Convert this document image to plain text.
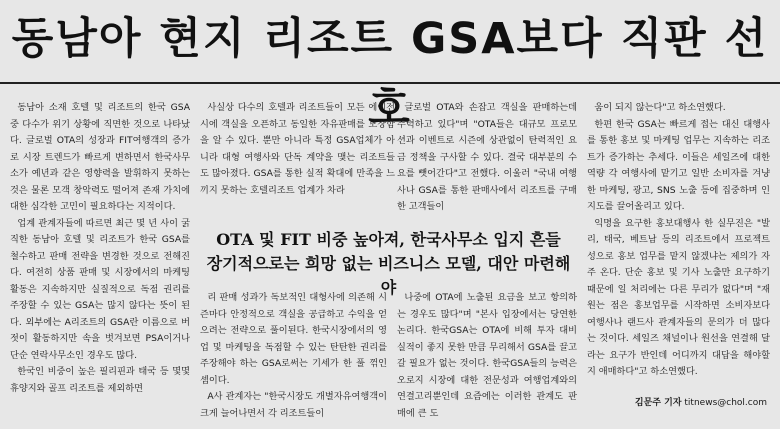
동남아 현지 리조트 GSA보다 직판 선호

동남아 소재 호텔 및 리조트의 한국 GSA 중 다수가 위기 상황에 직면한 것으로 나타났다. 글로벌 OTA의 성장과 FIT여행객의 증가로 시장 트렌드가 빠르게 변하면서 한국사무소가 예년과 같은 영향력을 발휘하지 못하는 것은 물론 모객 창악력도 떨어져 존재 가치에 대한 심각한 고민이 필요하다는 지적이다.

업계 관계자들에 따르면 최근 몇 년 사이 굵직한 동남아 호텔 및 리조트가 한국 GSA를 철수하고 판매 전략을 변경한 것으로 전해진다. 여전히 상품 판매 및 시장에서의 마케팅 활동은 지속하지만 실질적으로 독점 권리를 주장할 수 있는 GSA는 많지 않다는 뜻이 된다. 외부에는 A리조트의 GSA란 이름으로 버젓이 활동하지만 속을 벗겨보면 PSA이거나 단순 연락사무소인 경우도 많다.

한국인 비중이 높은 필리핀과 태국 등 몇몇 휴양지와 골프 리조트를 제외하면

사실상 다수의 호텔과 리조트들이 모든 에이전시에 객실을 오픈하고 동일한 자유판매를 보장함을 알 수 있다. 뿐만 아니라 특정 GSA업체가 아니라 대형 여행사와 단독 계약을 맺는 리조트들도 많아졌다. GSA를 통한 실적 확대에 만족을 느끼지 못하는 호텔리조트 업계가 차라

글로벌 OTA와 손잡고 객실을 판매하는데 주력하고 있다"며 "OTA들은 대규모 프로모션과 이벤트로 시즌에 상관없이 탄력적인 요금 정책을 구사할 수 있다. 결국 대부분의 수요를 뺏어간다"고 전했다. 이울러 "국내 여행사나 GSA를 통한 판매사에서 리조트를 구매한 고객들이

OTA 및 FIT 비중 높아져, 한국사무소 입지 흔들
장기적으로는 희망 없는 비즈니스 모델, 대안 마련해야

리 판매 성과가 독보적인 대형사에 의존해 시즌마다 안정적으로 객실을 공급하고 수익을 얻으려는 전략으로 풀이된다. 한국시장에서의 영업 및 마케팅을 독점할 수 있는 탄탄한 권리를 주장해야 하는 GSA로써는 기세가 한 풀 꺾인 셈이다.

A사 관계자는 "한국시장도 개별자유여행객이 크게 늘어나면서 각 리조트들이

나중에 OTA에 노출된 요금을 보고 항의하는 경우도 많다"며 "본사 입장에서는 당연한 논리다. 한국GSA는 OTA에 비해 투자 대비 실적이 좋지 못한 만큼 무리해서 GSA를 끌고 갈 필요가 없는 것이다. 한국GSA들의 능력은 오로지 시장에 대한 전문성과 여행업계와의 연결고리뿐인데 요즘에는 이러한 관계도 판매에 큰 도

움이 되지 않는다"고 하소연했다.

한편 한국 GSA는 빠르게 접는 대신 대행사를 통한 홍보 및 마케팅 업무는 지속하는 리조트가 증가하는 추세다. 이들은 세일즈에 대한 역량 각 여행사에 맡기고 일반 소비자를 겨냥한 마케팅, 광고, SNS 노출 등에 집중하며 인지도를 끌어올리고 있다.

익명을 요구한 홍보대행사 한 실무진은 "발리, 태국, 베트남 등의 리조트에서 프로젝트 성으로 홍보 업무를 맡지 않겠냐는 제의가 자주 온다. 단순 홍보 및 기사 노출만 요구하기 때문에 일 처리에는 다른 무리가 없다"며 "재원는 점은 홍보업무를 시작하면 소비자보다 여행사나 랜드사 관계자들의 문의가 더 많다는 것이다. 세일즈 채널이나 원선을 연결해 달라는 요구가 반인데 어디까지 대답을 해야할지 애매하다"고 하소연했다.

김문주 기자 titnews@chol.com
